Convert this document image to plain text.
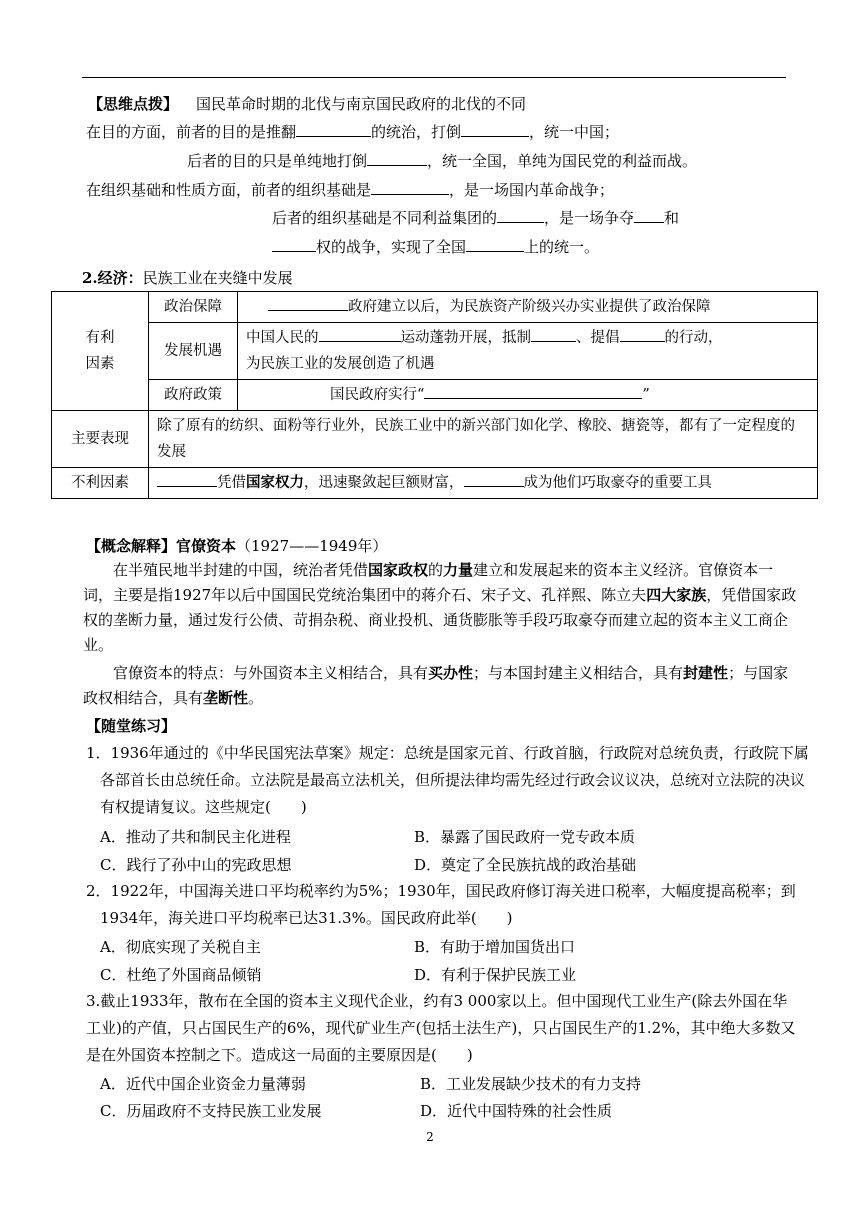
【思维点拨】 国民革命时期的北伐与南京国民政府的北伐的不同
在目的方面，前者的目的是推翻	的统治，打倒	，统一中国；
后者的目的只是单纯地打倒	，统一全国，单纯为国民党的利益而战。
在组织基础和性质方面，前者的组织基础是	，是一场国内革命战争；
后者的组织基础是不同利益集团的	，是一场争夺 和
权的战争，实现了全国	上的统一。
2.经济：民族工业在夹缝中发展
有利
因素	政治保障	政府建立以后，为民族资产阶级兴办实业提供了政治保障
	发展机遇	中国人民的 运动蓬勃开展，抵制 、提倡 的行动，
为民族工业的发展创造了机遇
	政府政策	国民政府实行“ ”
主要表现	除了原有的纺织、面粉等行业外，民族工业中的新兴部门如化学、橡胶、搪瓷等，都有了一定程度的发展	
不利因素	凭借国家权力，迅速聚敛起巨额财富， 成为他们巧取豪夺的重要工具	
【概念解释】官僚资本（1927——1949年）
在半殖民地半封建的中国，统治者凭借国家政权的力量建立和发展起来的资本主义经济。官僚资本一词，主要是指1927年以后中国国民党统治集团中的蒋介石、宋子文、孔祥熙、陈立夫四大家族，凭借国家政权的垄断力量，通过发行公债、苛捐杂税、商业投机、通货膨胀等手段巧取豪夺而建立起的资本主义工商企业。
官僚资本的特点：与外国资本主义相结合，具有买办性；与本国封建主义相结合，具有封建性；与国家政权相结合，具有垄断性。
【随堂练习】
1．1936年通过的《中华民国宪法草案》规定：总统是国家元首、行政首脑，行政院对总统负责，行政院下属各部首长由总统任命。立法院是最高立法机关，但所提法律均需先经过行政会议议决，总统对立法院的决议有权提请复议。这些规定(　　)
A．推动了共和制民主化进程	B．暴露了国民政府一党专政本质
C．践行了孙中山的宪政思想	D．奠定了全民族抗战的政治基础
2．1922年，中国海关进口平均税率约为5%；1930年，国民政府修订海关进口税率，大幅度提高税率；到1934年，海关进口平均税率已达31.3%。国民政府此举(　　)
A．彻底实现了关税自主	B．有助于增加国货出口
C．杜绝了外国商品倾销	D．有利于保护民族工业
3.截止1933年，散布在全国的资本主义现代企业，约有3 000家以上。但中国现代工业生产(除去外国在华工业)的产值，只占国民生产的6%，现代矿业生产(包括土法生产)，只占国民生产的1.2%，其中绝大多数又是在外国资本控制之下。造成这一局面的主要原因是(　　)
A．近代中国企业资金力量薄弱	B．工业发展缺少技术的有力支持
C．历届政府不支持民族工业发展	D．近代中国特殊的社会性质
2
